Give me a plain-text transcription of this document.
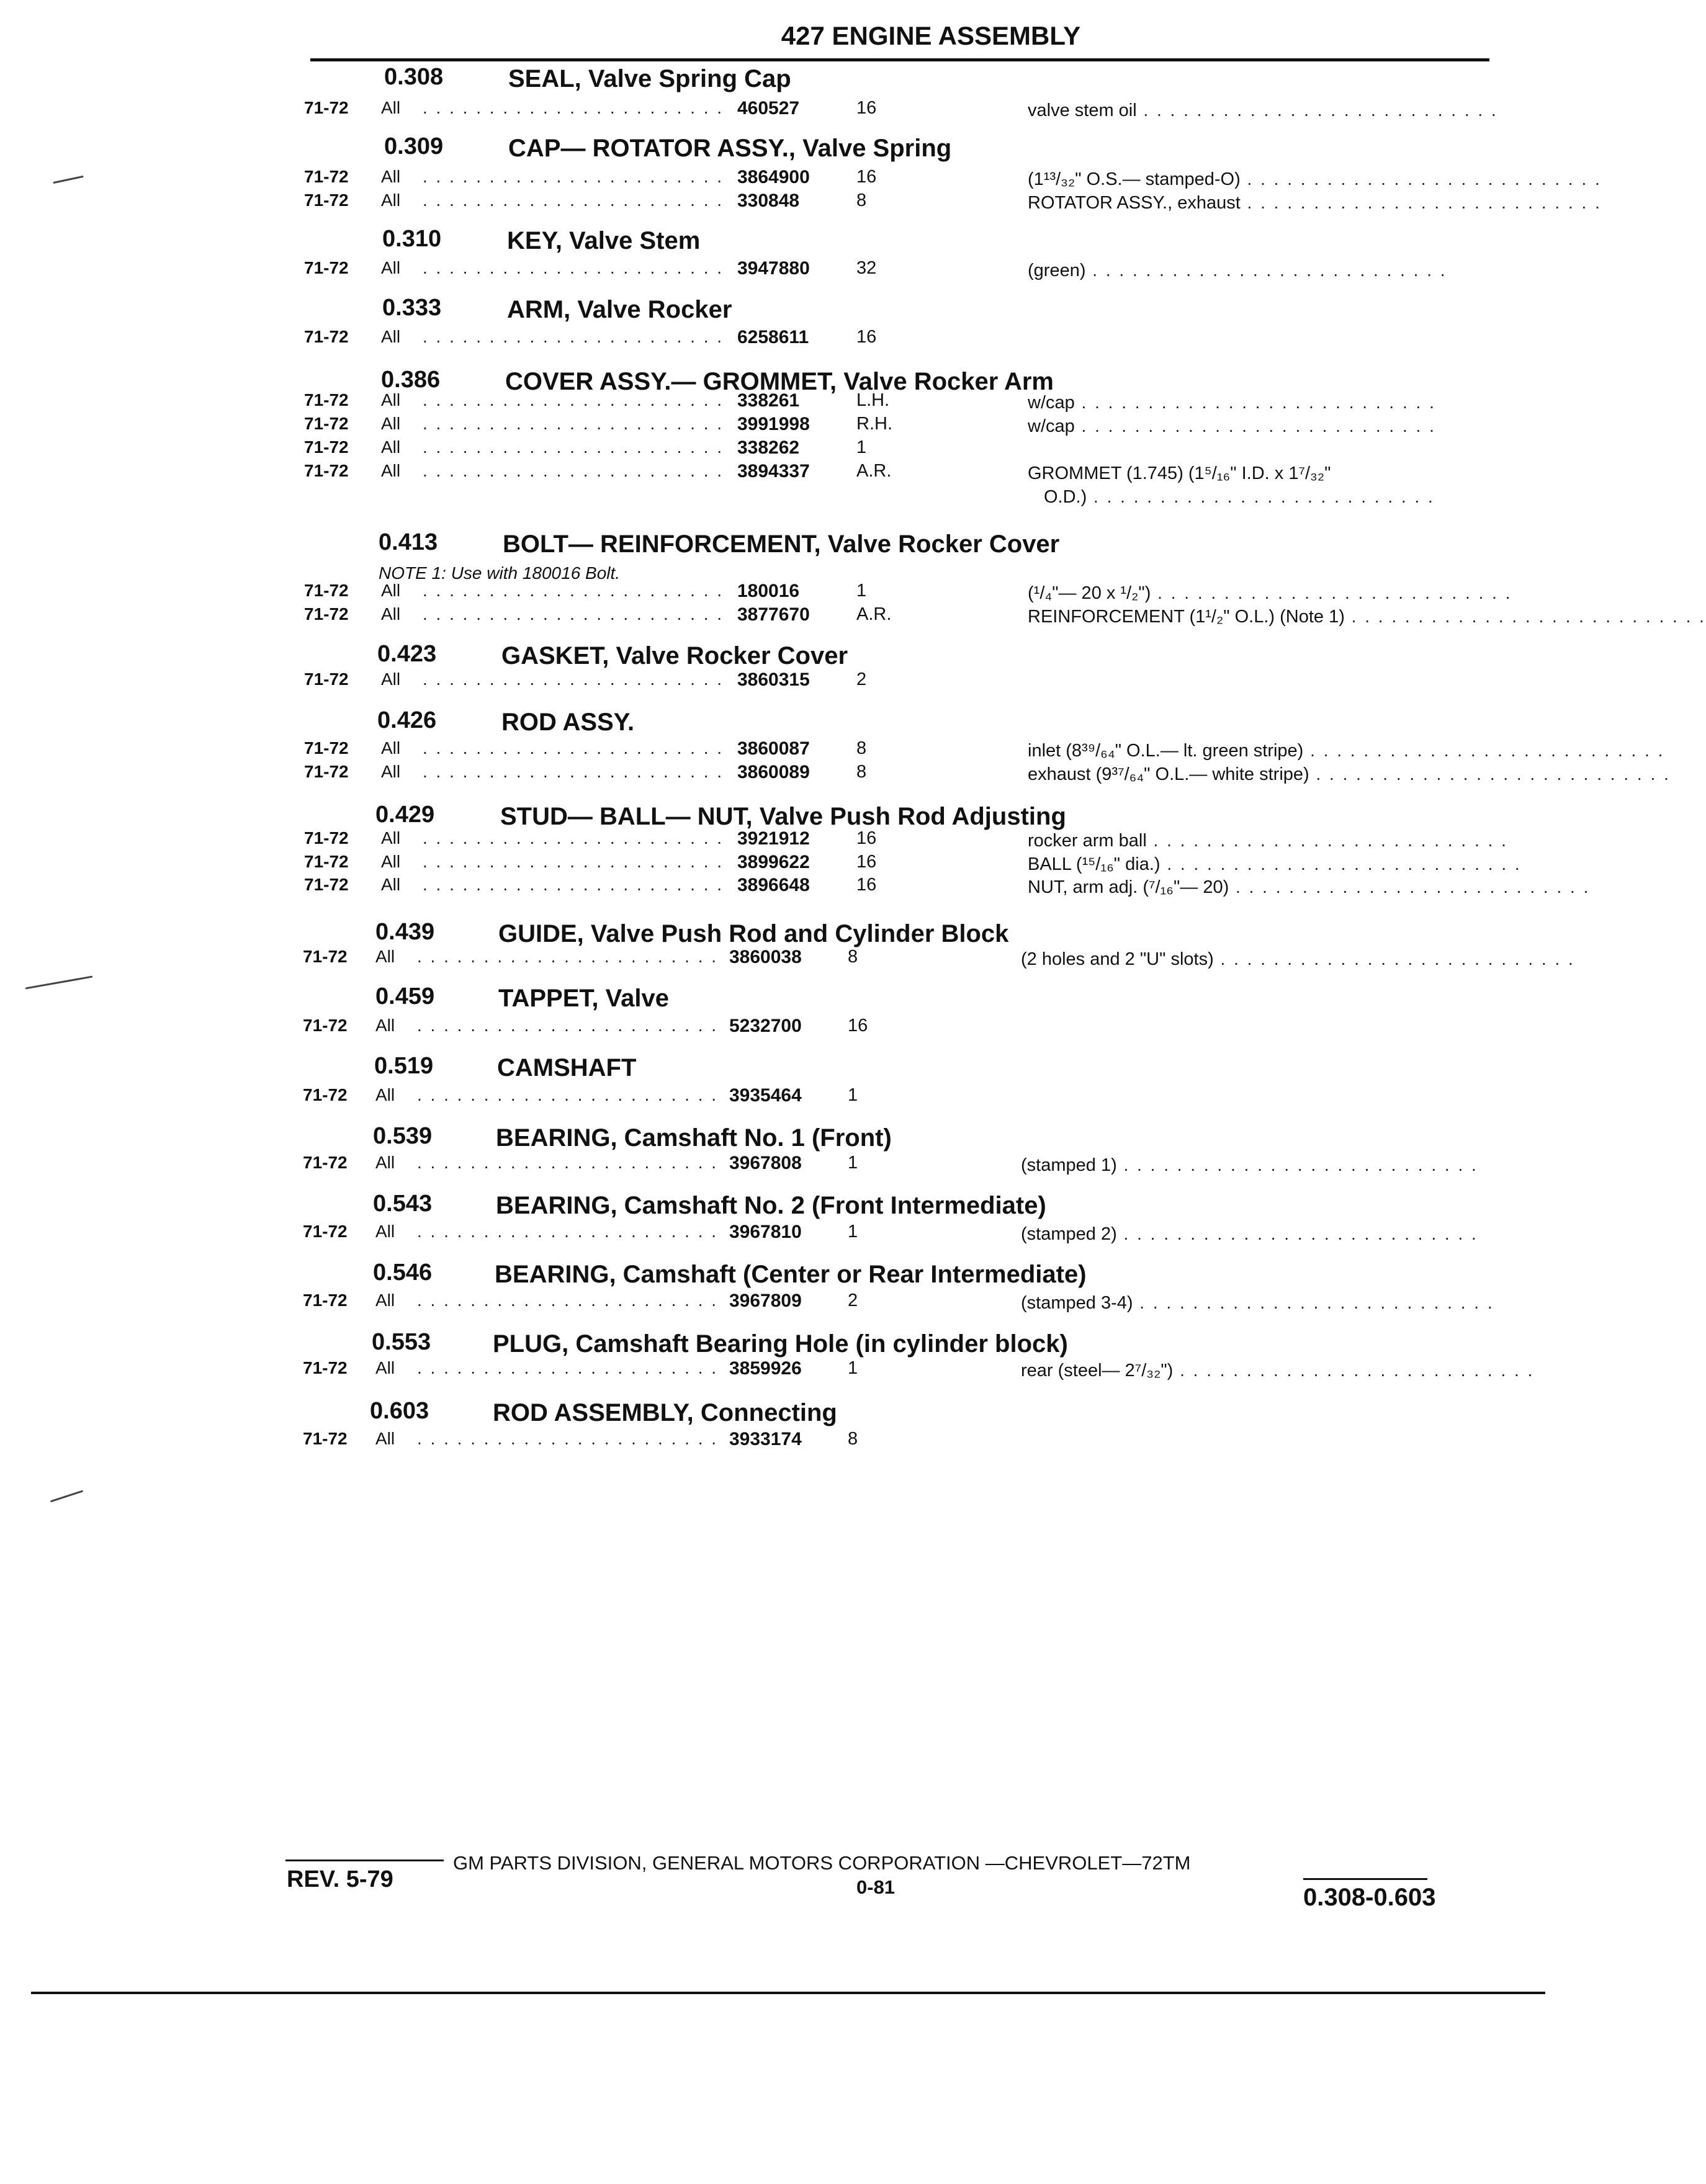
427 ENGINE ASSEMBLY
0.308	SEAL, Valve Spring Cap
71-72 All . . . . . . . . . . . . . . . . . . . . . . . 460527	16	valve stem oil . . . . . . . . . . . . . . . . . . . . . . . . . . .
0.309	CAP— ROTATOR ASSY., Valve Spring
71-72 All . . . . . . . . . . . . . . . . . . . . . . . 3864900	16	(1¹³/₃₂" O.S.— stamped-O) . . . . . . . . . . . . . . . . . . . . . . . . . . .
71-72 All . . . . . . . . . . . . . . . . . . . . . . . 330848	8	ROTATOR ASSY., exhaust . . . . . . . . . . . . . . . . . . . . . . . . . . .
0.310	KEY, Valve Stem
71-72 All . . . . . . . . . . . . . . . . . . . . . . . 3947880	32	(green) . . . . . . . . . . . . . . . . . . . . . . . . . . .
0.333	ARM, Valve Rocker
71-72 All . . . . . . . . . . . . . . . . . . . . . . . 6258611	16
0.386	COVER ASSY.— GROMMET, Valve Rocker Arm
71-72 All . . . . . . . . . . . . . . . . . . . . . . . 338261	L.H.	w/cap . . . . . . . . . . . . . . . . . . . . . . . . . . .
71-72 All . . . . . . . . . . . . . . . . . . . . . . . 3991998	R.H.	w/cap . . . . . . . . . . . . . . . . . . . . . . . . . . .
71-72 All . . . . . . . . . . . . . . . . . . . . . . . 338262	1
71-72 All . . . . . . . . . . . . . . . . . . . . . . . 3894337	A.R.	GROMMET (1.745) (1⁵/₁₆" I.D. x 1⁷/₃₂"
O.D.) . . . . . . . . . . . . . . . . . . . . . . . . . .
0.413	BOLT— REINFORCEMENT, Valve Rocker Cover
NOTE 1: Use with 180016 Bolt.
71-72 All . . . . . . . . . . . . . . . . . . . . . . . 180016	1	(¹/₄"— 20 x ¹/₂") . . . . . . . . . . . . . . . . . . . . . . . . . . .
71-72 All . . . . . . . . . . . . . . . . . . . . . . . 3877670	A.R.	REINFORCEMENT (1¹/₂" O.L.) (Note 1) . . . . . . . . . . . . . . . . . . . . . . . . . . .
0.423	GASKET, Valve Rocker Cover
71-72 All . . . . . . . . . . . . . . . . . . . . . . . 3860315	2
0.426	ROD ASSY.
71-72 All . . . . . . . . . . . . . . . . . . . . . . . 3860087	8	inlet (8³⁹/₆₄" O.L.— lt. green stripe) . . . . . . . . . . . . . . . . . . . . . . . . . . .
71-72 All . . . . . . . . . . . . . . . . . . . . . . . 3860089	8	exhaust (9³⁷/₆₄" O.L.— white stripe) . . . . . . . . . . . . . . . . . . . . . . . . . . .
0.429	STUD— BALL— NUT, Valve Push Rod Adjusting
71-72 All . . . . . . . . . . . . . . . . . . . . . . . 3921912	16	rocker arm ball . . . . . . . . . . . . . . . . . . . . . . . . . . .
71-72 All . . . . . . . . . . . . . . . . . . . . . . . 3899622	16	BALL (¹⁵/₁₆" dia.) . . . . . . . . . . . . . . . . . . . . . . . . . . .
71-72 All . . . . . . . . . . . . . . . . . . . . . . . 3896648	16	NUT, arm adj. (⁷/₁₆"— 20) . . . . . . . . . . . . . . . . . . . . . . . . . . .
0.439	GUIDE, Valve Push Rod and Cylinder Block
71-72 All . . . . . . . . . . . . . . . . . . . . . . . 3860038	8	(2 holes and 2 "U" slots) . . . . . . . . . . . . . . . . . . . . . . . . . . .
0.459	TAPPET, Valve
71-72 All . . . . . . . . . . . . . . . . . . . . . . . 5232700	16
0.519	CAMSHAFT
71-72 All . . . . . . . . . . . . . . . . . . . . . . . 3935464	1
0.539	BEARING, Camshaft No. 1 (Front)
71-72 All . . . . . . . . . . . . . . . . . . . . . . . 3967808	1	(stamped 1) . . . . . . . . . . . . . . . . . . . . . . . . . . .
0.543	BEARING, Camshaft No. 2 (Front Intermediate)
71-72 All . . . . . . . . . . . . . . . . . . . . . . . 3967810	1	(stamped 2) . . . . . . . . . . . . . . . . . . . . . . . . . . .
0.546	BEARING, Camshaft (Center or Rear Intermediate)
71-72 All . . . . . . . . . . . . . . . . . . . . . . . 3967809	2	(stamped 3-4) . . . . . . . . . . . . . . . . . . . . . . . . . . .
0.553 PLUG, Camshaft Bearing Hole (in cylinder block)
71-72 All . . . . . . . . . . . . . . . . . . . . . . . 3859926	1	rear (steel— 2⁷/₃₂") . . . . . . . . . . . . . . . . . . . . . . . . . . .
0.603	ROD ASSEMBLY, Connecting
71-72 All . . . . . . . . . . . . . . . . . . . . . . . 3933174	8
GM PARTS DIVISION, GENERAL MOTORS CORPORATION —CHEVROLET—72TM
REV. 5-79	0-81	0.308-0.603
